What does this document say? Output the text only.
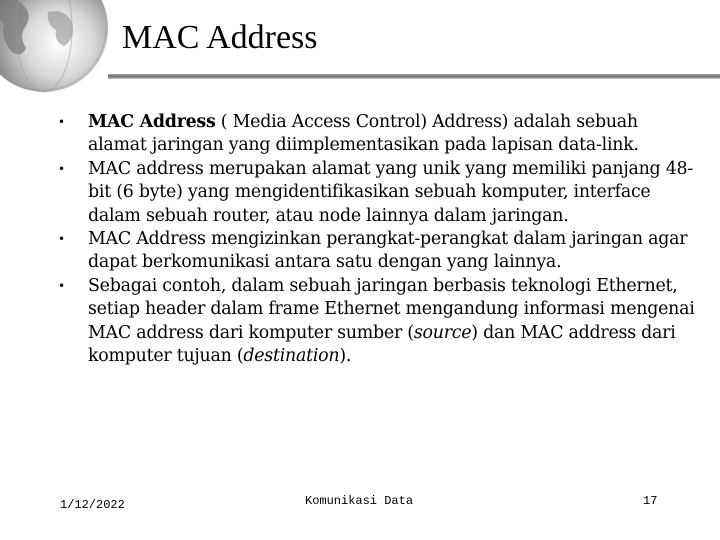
MAC Address
• MAC Address ( Media Access Control) Address) adalah sebuah alamat jaringan yang diimplementasikan pada lapisan data-link.
• MAC address merupakan alamat yang unik yang memiliki panjang 48-bit (6 byte) yang mengidentifikasikan sebuah komputer, interface dalam sebuah router, atau node lainnya dalam jaringan.
• MAC Address mengizinkan perangkat-perangkat dalam jaringan agar dapat berkomunikasi antara satu dengan yang lainnya.
• Sebagai contoh, dalam sebuah jaringan berbasis teknologi Ethernet, setiap header dalam frame Ethernet mengandung informasi mengenai MAC address dari komputer sumber (source) dan MAC address dari komputer tujuan (destination).
1/12/2022	Komunikasi Data	17
